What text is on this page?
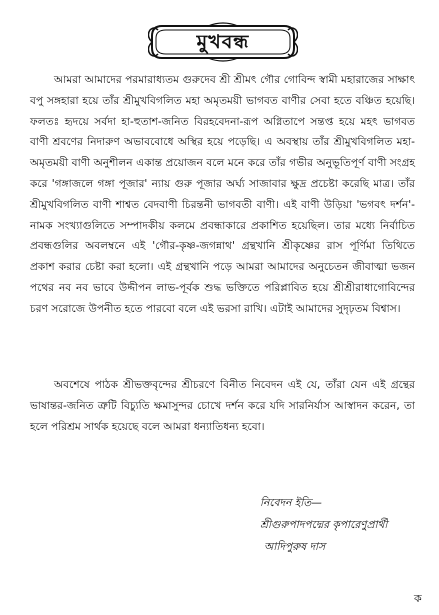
মুখবন্ধ

আমরা আমাদের পরমারাধ্যতম গুরুদেব শ্রী শ্রীমৎ গৌর গোবিন্দ স্বামী মহারাজের সাক্ষাৎ বপু সঙ্গহারা হয়ে তাঁর শ্রীমুখবিগলিত মহা অমৃতময়ী ভাগবত বাণীর সেবা হতে বঞ্চিত হয়েছি। ফলতঃ হৃদয়ে সর্বদা হা-হুতাশ-জনিত বিরহবেদনা-রূপ অগ্নিতাপে সন্তপ্ত হয়ে মহৎ ভাগবত বাণী শ্রবণের নিদারুণ অভাববোধে অস্থির হয়ে পড়েছি। এ অবস্থায় তাঁর শ্রীমুখবিগলিত মহা-অমৃতময়ী বাণী অনুশীলন একান্ত প্রয়োজন বলে মনে করে তাঁর গভীর অনুভূতিপূর্ণ বাণী সংগ্রহ করে 'গঙ্গাজলে গঙ্গা পূজার' ন্যায় গুরু পূজার অর্ঘ্য সাজাবার ক্ষুদ্র প্রচেষ্টা করেছি মাত্র। তাঁর শ্রীমুখবিগলিত বাণী শাশ্বত বেদবাণী চিরন্তনী ভাগবতী বাণী। এই বাণী উড়িয়া 'ভগবৎ দর্শন'-নামক সংখ্যাগুলিতে সম্পাদকীয় কলমে প্রবন্ধাকারে প্রকাশিত হয়েছিল। তার মধ্যে নির্বাচিত প্রবন্ধগুলির অবলম্বনে এই 'গৌর-কৃষ্ণ-জগন্নাথ' গ্রন্থখানি শ্রীকৃষ্ণের রাস পূর্ণিমা তিথিতে প্রকাশ করার চেষ্টা করা হলো। এই গ্রন্থখানি পড়ে আমরা আমাদের অনুচেতন জীবাত্মা ভজন পথের নব নব ভাবে উদ্দীপন লাভ-পূর্বক শুদ্ধ ভক্তিতে পরিপ্লাবিত হয়ে শ্রীশ্রীরাধাগোবিন্দের চরণ সরোজে উপনীত হতে পারবো বলে এই ভরসা রাখি। এটাই আমাদের সুদৃঢ়তম বিশ্বাস।

অবশেষে পাঠক শ্রীভক্তবৃন্দের শ্রীচরণে বিনীত নিবেদন এই যে, তাঁরা যেন এই গ্রন্থের ভাষান্তর-জনিত ত্রুটি বিচ্যুতি ক্ষমাসুন্দর চোখে দর্শন করে যদি সারনির্যাস আস্বাদন করেন, তা হলে পরিশ্রম সার্থক হয়েছে বলে আমরা ধন্যাতিধন্য হবো।

নিবেদন ইতি—
শ্রীগুরুপাদপদ্মের কৃপারেণুপ্রার্থী
আদিপুরুষ দাস
ক
